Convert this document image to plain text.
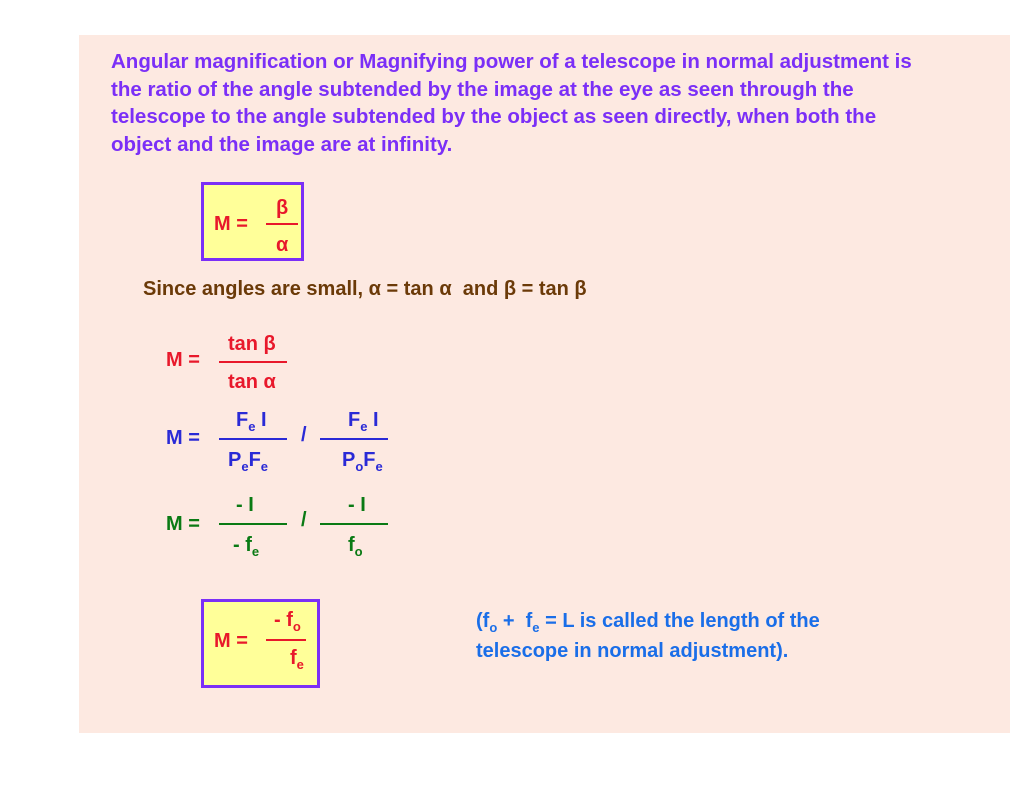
Angular magnification or Magnifying power of a telescope in normal adjustment is the ratio of the angle subtended by the image at the eye as seen through the telescope to the angle subtended by the object as seen directly, when both the object and the image are at infinity.
M =
β
α
Since angles are small, α = tan α  and β = tan β
M =
tan β
tan α
M =
$F_e$ I
$P_eF_e$
/
$F_e$ I
$P_oF_e$
M =
- I
- $f_e$
/
- I
$f_o$
M =
- $f_o$
$f_e$
($f_o + f_e = L$ is called the length of the
telescope in normal adjustment).
